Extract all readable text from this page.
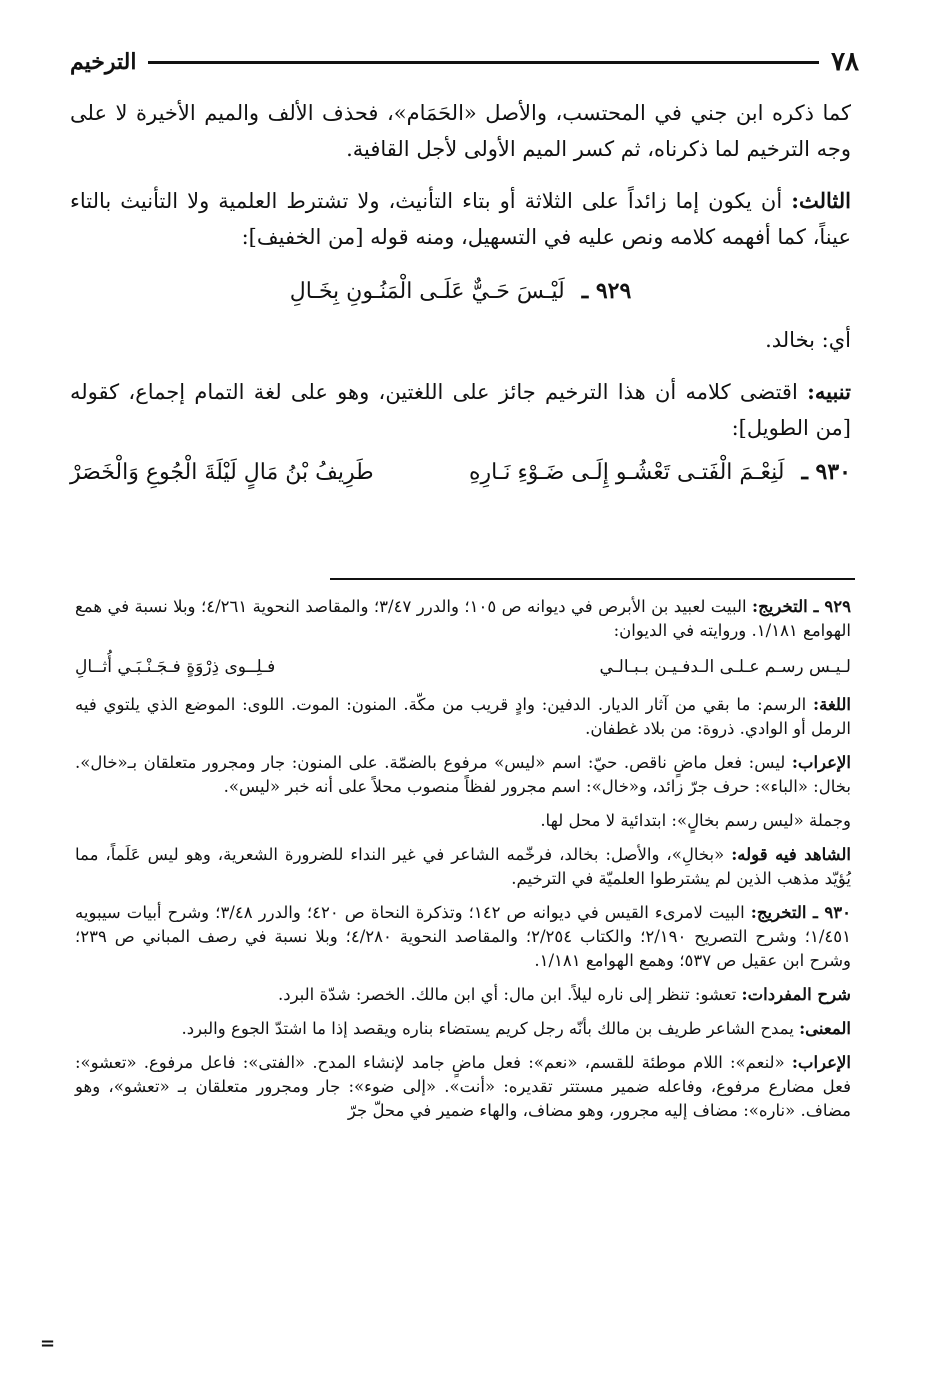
٧٨
الترخيم

كما ذكره ابن جني في المحتسب، والأصل «الحَمَام»، فحذف الألف والميم الأخيرة لا على وجه الترخيم لما ذكرناه، ثم كسر الميم الأولى لأجل القافية.

الثالث: أن يكون إما زائداً على الثلاثة أو بتاء التأنيث، ولا تشترط العلمية ولا التأنيث بالتاء عيناً، كما أفهمه كلامه ونص عليه في التسهيل، ومنه قوله [من الخفيف]:

٩٢٩ ـ لَيْـسَ حَـيٌّ عَلَـى الْمَنُـونِ بِخَـالِ

أي: بخالد.

تنبيه: اقتضى كلامه أن هذا الترخيم جائز على اللغتين، وهو على لغة التمام إجماع، كقوله [من الطويل]:

٩٣٠ ـ لَنِعْـمَ الْفَتـى تَعْشُـو إِلَـى ضَـوْءِ نَـارِهِ
طَرِيفُ بْنُ مَالٍ لَيْلَةَ الْجُوعِ وَالْخَصَرْ

٩٢٩ ـ التخريج: البيت لعبيد بن الأبرص في ديوانه ص ١٠٥؛ والدرر ٣/٤٧؛ والمقاصد النحوية ٤/٢٦١؛ وبلا نسبة في همع الهوامع ١/١٨١. وروايته في الديوان:

لـيـس رسـم عـلـى الـدفـيـن بـبـالـي
فـلِــوى ذِرْوَةٍ فـجَـنْـبَـي أُثــالِ

اللغة: الرسم: ما بقي من آثار الديار. الدفين: وادٍ قريب من مكّة. المنون: الموت. اللوى: الموضع الذي يلتوي فيه الرمل أو الوادي. ذروة: من بلاد غطفان.

الإعراب: ليس: فعل ماضٍ ناقص. حيّ: اسم «ليس» مرفوع بالضمّة. على المنون: جار ومجرور متعلقان بـ«خال». بخال: «الباء»: حرف جرّ زائد، و«خال»: اسم مجرور لفظاً منصوب محلاً على أنه خبر «ليس».

وجملة «ليس رسم بخالٍ»: ابتدائية لا محل لها.

الشاهد فيه قوله: «بخالِ»، والأصل: بخالد، فرخّمه الشاعر في غير النداء للضرورة الشعرية، وهو ليس عَلَماً، مما يُؤيّد مذهب الذين لم يشترطوا العلميّة في الترخيم.

٩٣٠ ـ التخريج: البيت لامرىء القيس في ديوانه ص ١٤٢؛ وتذكرة النحاة ص ٤٢٠؛ والدرر ٣/٤٨؛ وشرح أبيات سيبويه ١/٤٥١؛ وشرح التصريح ٢/١٩٠؛ والكتاب ٢/٢٥٤؛ والمقاصد النحوية ٤/٢٨٠؛ وبلا نسبة في رصف المباني ص ٢٣٩؛ وشرح ابن عقيل ص ٥٣٧؛ وهمع الهوامع ١/١٨١.

شرح المفردات: تعشو: تنظر إلى ناره ليلاً. ابن مال: أي ابن مالك. الخصر: شدّة البرد.

المعنى: يمدح الشاعر طريف بن مالك بأنّه رجل كريم يستضاء بناره ويقصد إذا ما اشتدّ الجوع والبرد.

الإعراب: «لنعم»: اللام موطئة للقسم، «نعم»: فعل ماضٍ جامد لإنشاء المدح. «الفتى»: فاعل مرفوع. «تعشو»: فعل مضارع مرفوع، وفاعله ضمير مستتر تقديره: «أنت». «إلى ضوء»: جار ومجرور متعلقان بـ «تعشو»، وهو مضاف. «ناره»: مضاف إليه مجرور، وهو مضاف، والهاء ضمير في محلّ جرّ

=
